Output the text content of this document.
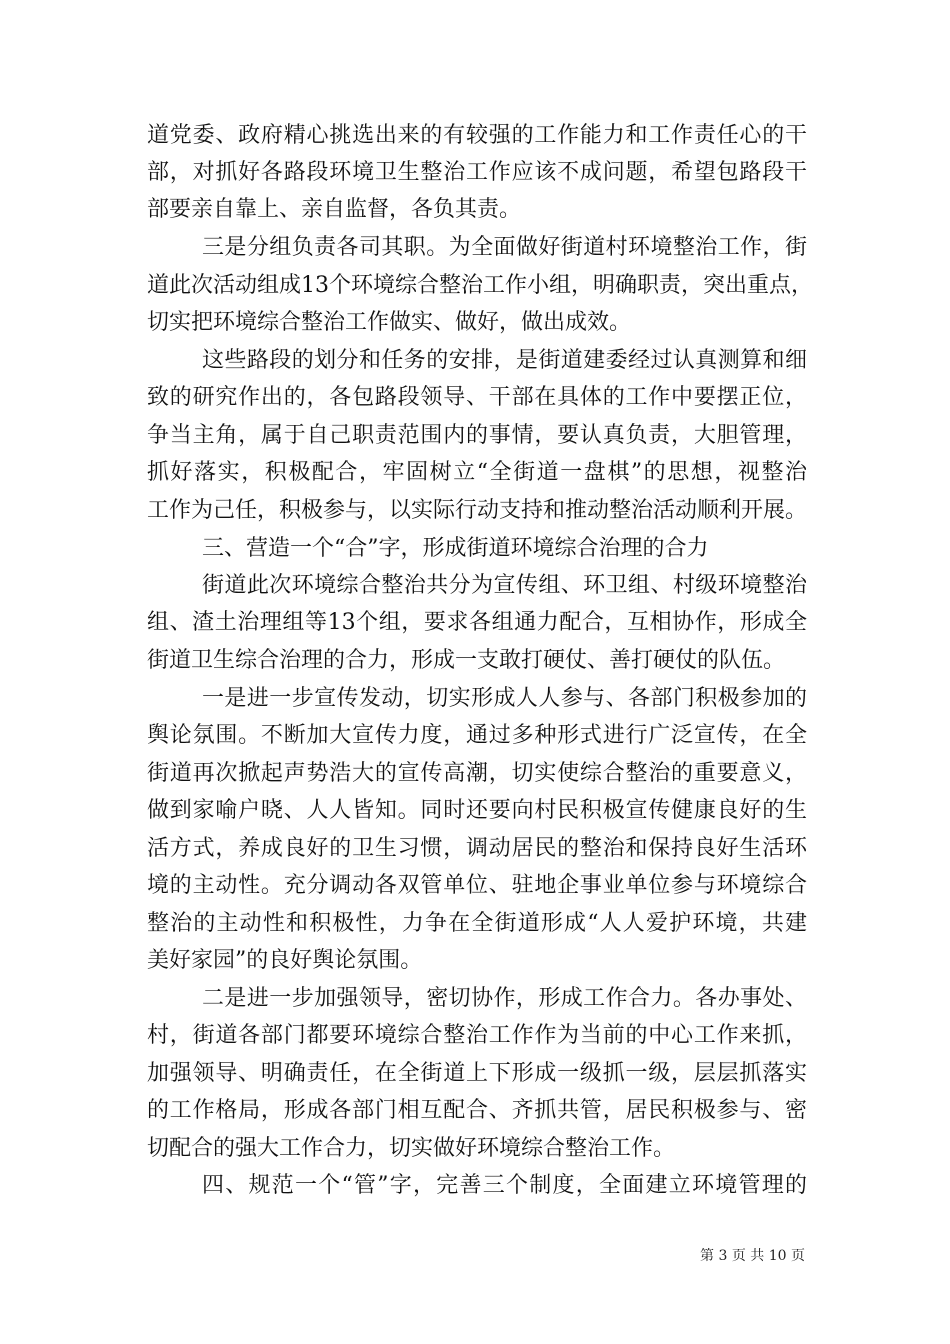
道党委、政府精心挑选出来的有较强的工作能力和工作责任心的干
部，对抓好各路段环境卫生整治工作应该不成问题，希望包路段干
部要亲自靠上、亲自监督，各负其责。
三是分组负责各司其职。为全面做好街道村环境整治工作，街
道此次活动组成13个环境综合整治工作小组，明确职责，突出重点，
切实把环境综合整治工作做实、做好，做出成效。
这些路段的划分和任务的安排，是街道建委经过认真测算和细
致的研究作出的，各包路段领导、干部在具体的工作中要摆正位，
争当主角，属于自己职责范围内的事情，要认真负责，大胆管理，
抓好落实，积极配合，牢固树立“全街道一盘棋”的思想，视整治
工作为己任，积极参与，以实际行动支持和推动整治活动顺利开展。
三、营造一个“合”字，形成街道环境综合治理的合力
街道此次环境综合整治共分为宣传组、环卫组、村级环境整治
组、渣土治理组等13个组，要求各组通力配合，互相协作，形成全
街道卫生综合治理的合力，形成一支敢打硬仗、善打硬仗的队伍。
一是进一步宣传发动，切实形成人人参与、各部门积极参加的
舆论氛围。不断加大宣传力度，通过多种形式进行广泛宣传，在全
街道再次掀起声势浩大的宣传高潮，切实使综合整治的重要意义，
做到家喻户晓、人人皆知。同时还要向村民积极宣传健康良好的生
活方式，养成良好的卫生习惯，调动居民的整治和保持良好生活环
境的主动性。充分调动各双管单位、驻地企事业单位参与环境综合
整治的主动性和积极性，力争在全街道形成“人人爱护环境，共建
美好家园”的良好舆论氛围。
二是进一步加强领导，密切协作，形成工作合力。各办事处、
村，街道各部门都要环境综合整治工作作为当前的中心工作来抓，
加强领导、明确责任，在全街道上下形成一级抓一级，层层抓落实
的工作格局，形成各部门相互配合、齐抓共管，居民积极参与、密
切配合的强大工作合力，切实做好环境综合整治工作。
四、规范一个“管”字，完善三个制度，全面建立环境管理的
第 3 页 共 10 页
